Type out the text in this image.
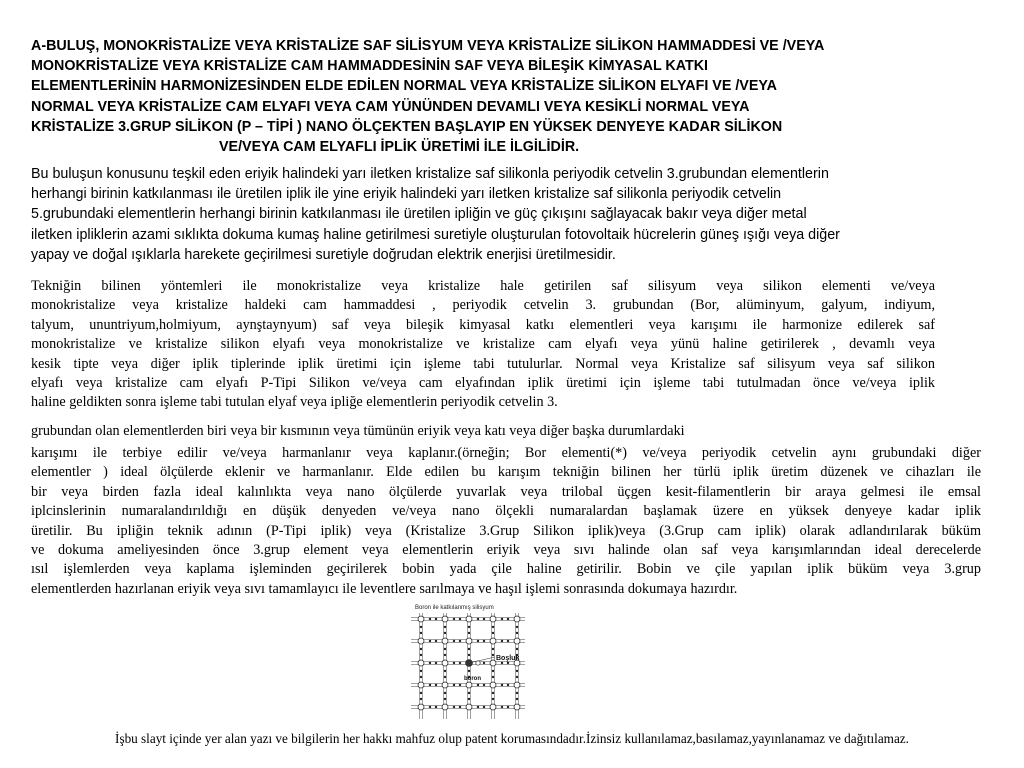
A-BULUŞ, MONOKRİSTALİZE VEYA KRİSTALİZE SAF SİLİSYUM VEYA KRİSTALİZE SİLİKON HAMMADDESİ VE /VEYA
MONOKRİSTALİZE VEYA KRİSTALİZE CAM HAMMADDESİNİN SAF VEYA BİLEŞİK KİMYASAL KATKI
ELEMENTLERİNİN HARMONİZESİNDEN ELDE EDİLEN NORMAL VEYA KRİSTALİZE SİLİKON ELYAFI VE /VEYA
NORMAL VEYA KRİSTALİZE CAM ELYAFI VEYA CAM YÜNÜNDEN DEVAMLI VEYA KESİKLİ NORMAL VEYA
KRİSTALİZE 3.GRUP SİLİKON (P – TİPİ ) NANO ÖLÇEKTEN BAŞLAYIP EN YÜKSEK DENYEYE KADAR SİLİKON
VE/VEYA CAM ELYAFLI İPLİK ÜRETİMİ İLE İLGİLİDİR.
Bu buluşun konusunu teşkil eden eriyik halindeki yarı iletken kristalize saf silikonla periyodik cetvelin 3.grubundan elementlerin
herhangi birinin katkılanması ile üretilen iplik ile yine eriyik halindeki yarı iletken kristalize saf silikonla periyodik cetvelin
5.grubundaki elementlerin herhangi birinin katkılanması ile üretilen ipliğin ve güç çıkışını sağlayacak bakır veya diğer metal
iletken ipliklerin azami sıklıkta dokuma kumaş haline getirilmesi suretiyle oluşturulan fotovoltaik hücrelerin güneş ışığı veya diğer
yapay ve doğal ışıklarla harekete geçirilmesi suretiyle doğrudan elektrik enerjisi üretilmesidir.
Tekniğin bilinen yöntemleri ile monokristalize veya kristalize hale getirilen saf silisyum veya silikon elementi ve/veya
monokristalize veya kristalize haldeki cam hammaddesi , periyodik cetvelin 3. grubundan (Bor, alüminyum, galyum, indiyum,
talyum, ununtriyum,holmiyum, aynştaynyum) saf veya bileşik kimyasal katkı elementleri veya karışımı ile harmonize edilerek saf
monokristalize ve kristalize silikon elyafı veya monokristalize ve kristalize cam elyafı veya yünü haline getirilerek , devamlı veya
kesik tipte veya diğer iplik tiplerinde iplik üretimi için işleme tabi tutulurlar. Normal veya Kristalize saf silisyum veya saf silikon
elyafı veya kristalize cam elyafı P-Tipi Silikon ve/veya cam elyafından iplik üretimi için işleme tabi tutulmadan önce ve/veya iplik
haline geldikten sonra işleme tabi tutulan elyaf veya ipliğe elementlerin periyodik cetvelin 3.
grubundan olan elementlerden biri veya bir kısmının veya tümünün eriyik veya katı veya diğer başka durumlardaki
karışımı ile terbiye edilir ve/veya harmanlanır veya kaplanır.(örneğin; Bor elementi(*) ve/veya periyodik cetvelin aynı grubundaki diğer
elementler ) ideal ölçülerde eklenir ve harmanlanır. Elde edilen bu karışım tekniğin bilinen her türlü iplik üretim düzenek ve cihazları ile
bir veya birden fazla ideal kalınlıkta veya nano ölçülerde yuvarlak veya trilobal üçgen kesit-filamentlerin bir araya gelmesi ile emsal
iplcinslerinin numaralandırıldığı en düşük denyeden ve/veya nano ölçekli numaralardan başlamak üzere en yüksek denyeye kadar iplik
üretilir. Bu ipliğin teknik adının (P-Tipi iplik) veya (Kristalize 3.Grup Silikon iplik)veya (3.Grup cam iplik) olarak adlandırılarak büküm
ve dokuma ameliyesinden önce 3.grup element veya elementlerin eriyik veya sıvı halinde olan saf veya karışımlarından ideal derecelerde
ısıl işlemlerden veya kaplama işleminden geçirilerek bobin yada çile haline getirilir. Bobin ve çile yapılan iplik büküm veya 3.grup
elementlerden hazırlanan eriyik veya sıvı tamamlayıcı ile leventlere sarılmaya ve haşıl işlemi sonrasında dokumaya hazırdır.
Boron ile katkılanmış silisyum
Boşluk
boron
İşbu slayt içinde yer alan yazı ve bilgilerin her hakkı mahfuz olup patent korumasındadır.İzinsiz kullanılamaz,basılamaz,yayınlanamaz ve dağıtılamaz.
